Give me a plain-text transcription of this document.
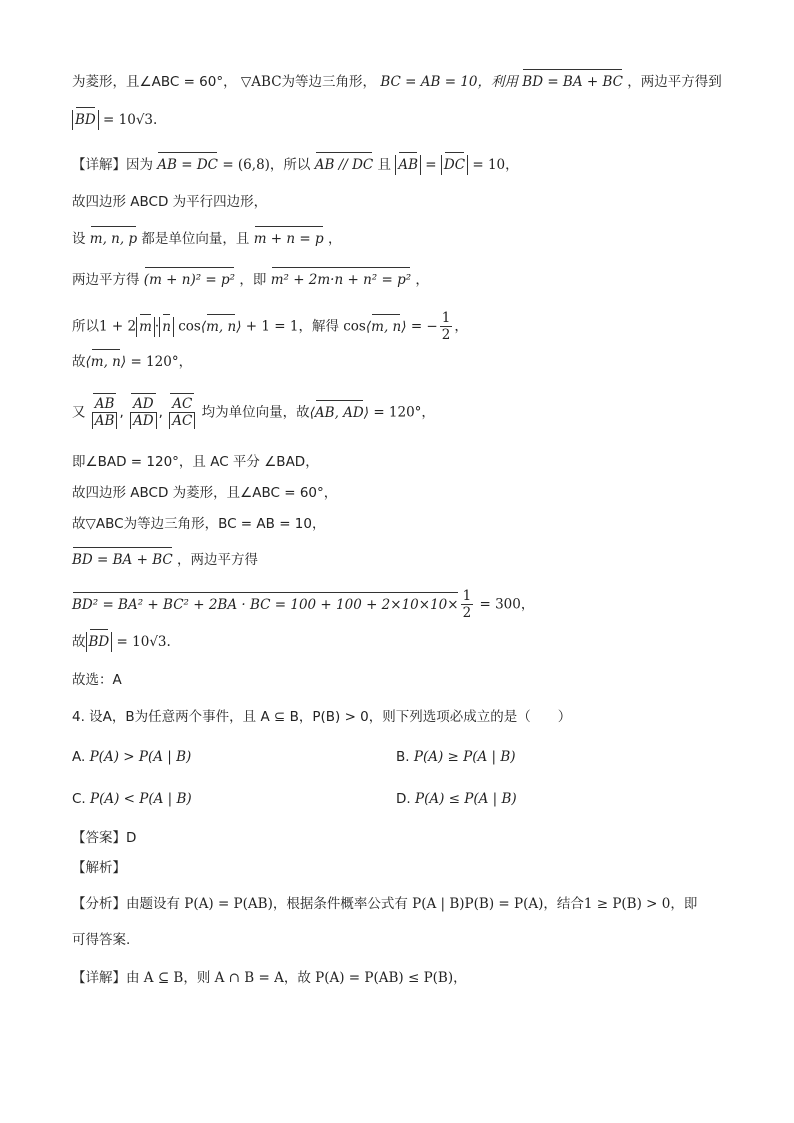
为菱形，且∠ABC = 60°， ▽ABC为等边三角形， BC = AB = 10，利用 BD = BA + BC ，两边平方得到
BD = 10√3.
【详解】因为 AB = DC = (6,8)，所以 AB // DC 且 AB = DC = 10，
故四边形 ABCD 为平行四边形，
设 m, n, p 都是单位向量，且 m + n = p ，
两边平方得 (m + n)² = p² ，即 m² + 2m·n + n² = p² ，
所以1 + 2 m · n cos ⟨ m, n ⟩ + 1 = 1，解得 cos ⟨ m, n ⟩ = − $\frac{1}{2}$ ，
故 ⟨ m, n ⟩ = 120°，
又 $\frac{AB}{AB}$ , $\frac{AD}{AD}$ , $\frac{AC}{AC}$ 均为单位向量，故 ⟨ AB, AD ⟩ = 120°，
即∠BAD = 120°，且 AC 平分 ∠BAD，
故四边形 ABCD 为菱形，且∠ABC = 60°，
故▽ABC为等边三角形，BC = AB = 10，
BD = BA + BC ，两边平方得
BD² = BA² + BC² + 2BA · BC = $100 + 100 + 2\times 10\times 10\times \frac{1}{2} = 300$，
故 BD = 10√3.
故选：A
4. 设A，B为任意两个事件，且 A ⊆ B，P(B) > 0，则下列选项必成立的是（　　）
A. P(A) > P(A | B)	B. P(A) ≥ P(A | B)
C. P(A) < P(A | B)	D. P(A) ≤ P(A | B)
【答案】D
【解析】
【分析】由题设有 P(A) = P(AB)，根据条件概率公式有 P(A | B)P(B) = P(A)，结合1 ≥ P(B) > 0，即
可得答案.
【详解】由 A ⊆ B，则 A ∩ B = A，故 P(A) = P(AB) ≤ P(B)，
